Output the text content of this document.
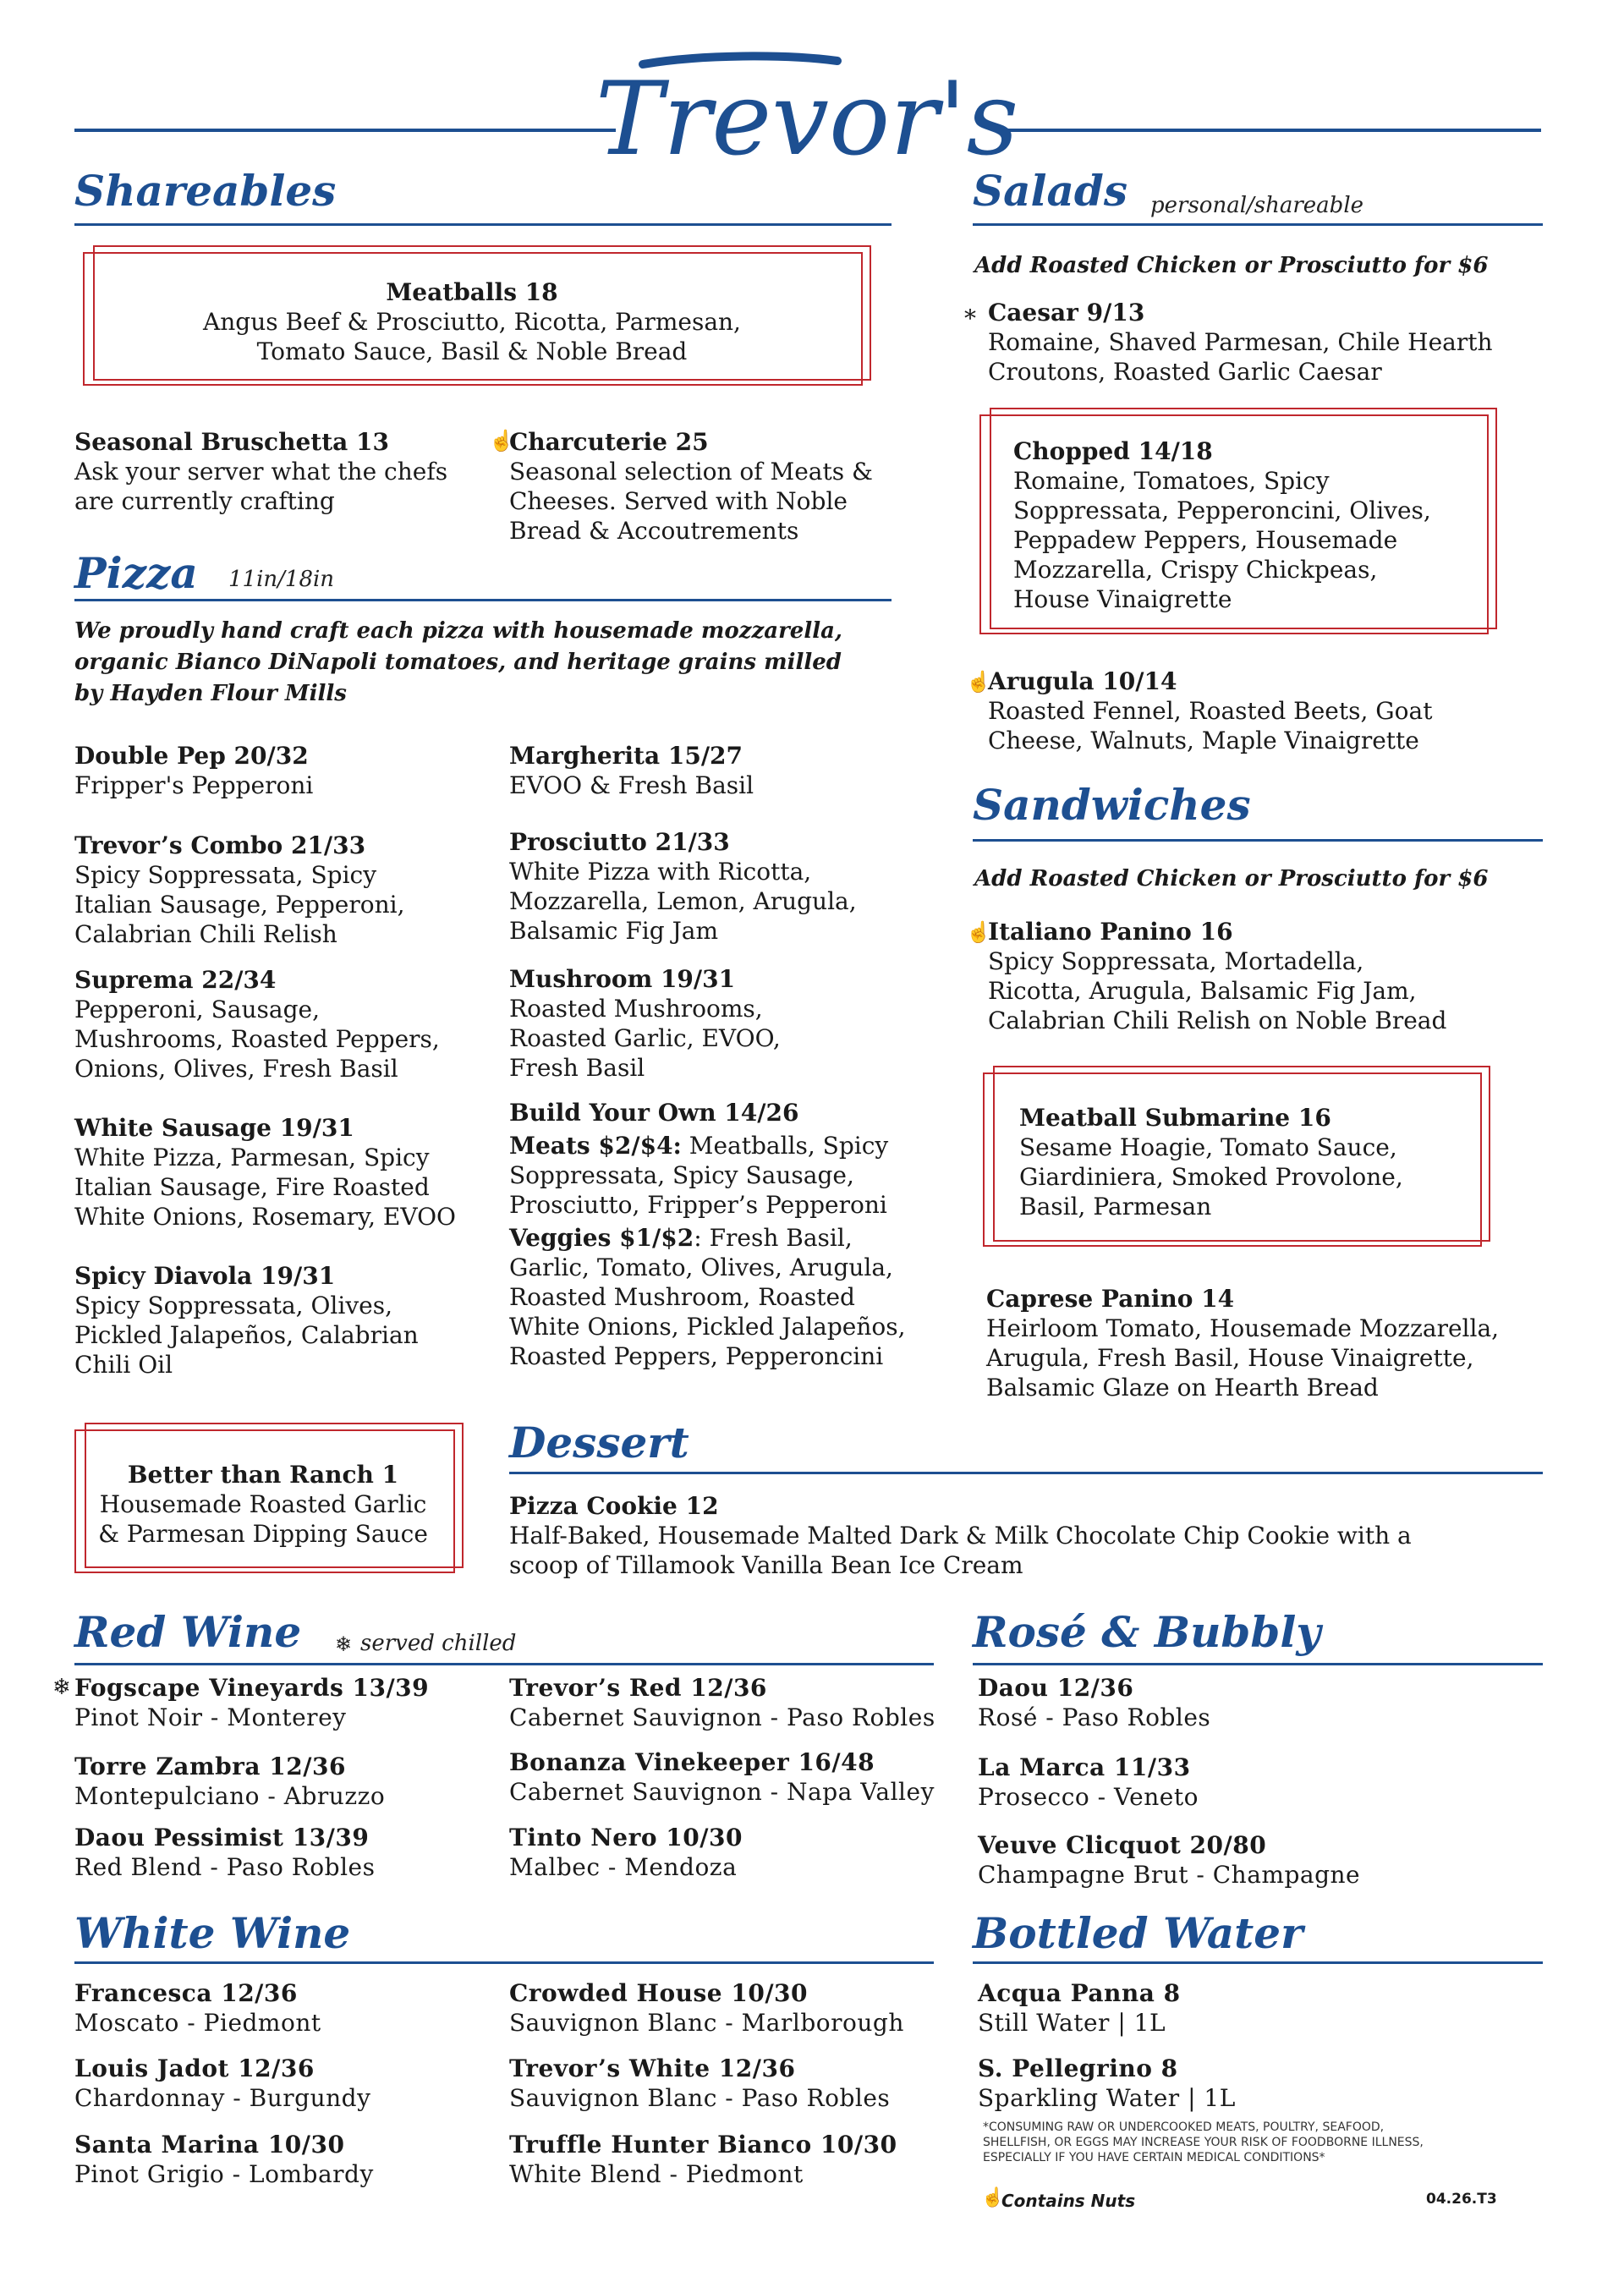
Trevor's
Shareables
Meatballs 18
Angus Beef & Prosciutto, Ricotta, Parmesan,
Tomato Sauce, Basil & Noble Bread
Seasonal Bruschetta 13
Ask your server what the chefs
are currently crafting
☝
Charcuterie 25
Seasonal selection of Meats &
Cheeses. Served with Noble
Bread & Accoutrements
Pizza 11in/18in
We proudly hand craft each pizza with housemade mozzarella,
organic Bianco DiNapoli tomatoes, and heritage grains milled
by Hayden Flour Mills
Double Pep 20/32
Fripper's Pepperoni
Trevor’s Combo 21/33
Spicy Soppressata, Spicy
Italian Sausage, Pepperoni,
Calabrian Chili Relish
Suprema 22/34
Pepperoni, Sausage,
Mushrooms, Roasted Peppers,
Onions, Olives, Fresh Basil
White Sausage 19/31
White Pizza, Parmesan, Spicy
Italian Sausage, Fire Roasted
White Onions, Rosemary, EVOO
Spicy Diavola 19/31
Spicy Soppressata, Olives,
Pickled Jalapeños, Calabrian
Chili Oil
Margherita 15/27
EVOO & Fresh Basil
Prosciutto 21/33
White Pizza with Ricotta,
Mozzarella, Lemon, Arugula,
Balsamic Fig Jam
Mushroom 19/31
Roasted Mushrooms,
Roasted Garlic, EVOO,
Fresh Basil
Build Your Own 14/26
Meats $2/$4: Meatballs, Spicy
Soppressata, Spicy Sausage,
Prosciutto, Fripper’s Pepperoni
Veggies $1/$2: Fresh Basil,
Garlic, Tomato, Olives, Arugula,
Roasted Mushroom, Roasted
White Onions, Pickled Jalapeños,
Roasted Peppers, Pepperoncini
Better than Ranch 1
Housemade Roasted Garlic
& Parmesan Dipping Sauce
Dessert
Pizza Cookie 12
Half-Baked, Housemade Malted Dark & Milk Chocolate Chip Cookie with a
scoop of Tillamook Vanilla Bean Ice Cream
Salads personal/shareable
Add Roasted Chicken or Prosciutto for $6
* Caesar 9/13
Romaine, Shaved Parmesan, Chile Hearth
Croutons, Roasted Garlic Caesar
Chopped 14/18
Romaine, Tomatoes, Spicy
Soppressata, Pepperoncini, Olives,
Peppadew Peppers, Housemade
Mozzarella, Crispy Chickpeas,
House Vinaigrette
☝
Arugula 10/14
Roasted Fennel, Roasted Beets, Goat
Cheese, Walnuts, Maple Vinaigrette
Sandwiches
Add Roasted Chicken or Prosciutto for $6
☝
Italiano Panino 16
Spicy Soppressata, Mortadella,
Ricotta, Arugula, Balsamic Fig Jam,
Calabrian Chili Relish on Noble Bread
Meatball Submarine 16
Sesame Hoagie, Tomato Sauce,
Giardiniera, Smoked Provolone,
Basil, Parmesan
Caprese Panino 14
Heirloom Tomato, Housemade Mozzarella,
Arugula, Fresh Basil, House Vinaigrette,
Balsamic Glaze on Hearth Bread
Red Wine ❄ served chilled
❄ Fogscape Vineyards 13/39
Pinot Noir - Monterey
Torre Zambra 12/36
Montepulciano - Abruzzo
Daou Pessimist 13/39
Red Blend - Paso Robles
Trevor’s Red 12/36
Cabernet Sauvignon - Paso Robles
Bonanza Vinekeeper 16/48
Cabernet Sauvignon - Napa Valley
Tinto Nero 10/30
Malbec - Mendoza
White Wine
Francesca 12/36
Moscato - Piedmont
Louis Jadot 12/36
Chardonnay - Burgundy
Santa Marina 10/30
Pinot Grigio - Lombardy
Crowded House 10/30
Sauvignon Blanc - Marlborough
Trevor’s White 12/36
Sauvignon Blanc - Paso Robles
Truffle Hunter Bianco 10/30
White Blend - Piedmont
Rosé & Bubbly
Daou 12/36
Rosé - Paso Robles
La Marca 11/33
Prosecco - Veneto
Veuve Clicquot 20/80
Champagne Brut - Champagne
Bottled Water
Acqua Panna 8
Still Water | 1L
S. Pellegrino 8
Sparkling Water | 1L
*CONSUMING RAW OR UNDERCOOKED MEATS, POULTRY, SEAFOOD,
SHELLFISH, OR EGGS MAY INCREASE YOUR RISK OF FOODBORNE ILLNESS,
ESPECIALLY IF YOU HAVE CERTAIN MEDICAL CONDITIONS*
☝
Contains Nuts	04.26.T3
